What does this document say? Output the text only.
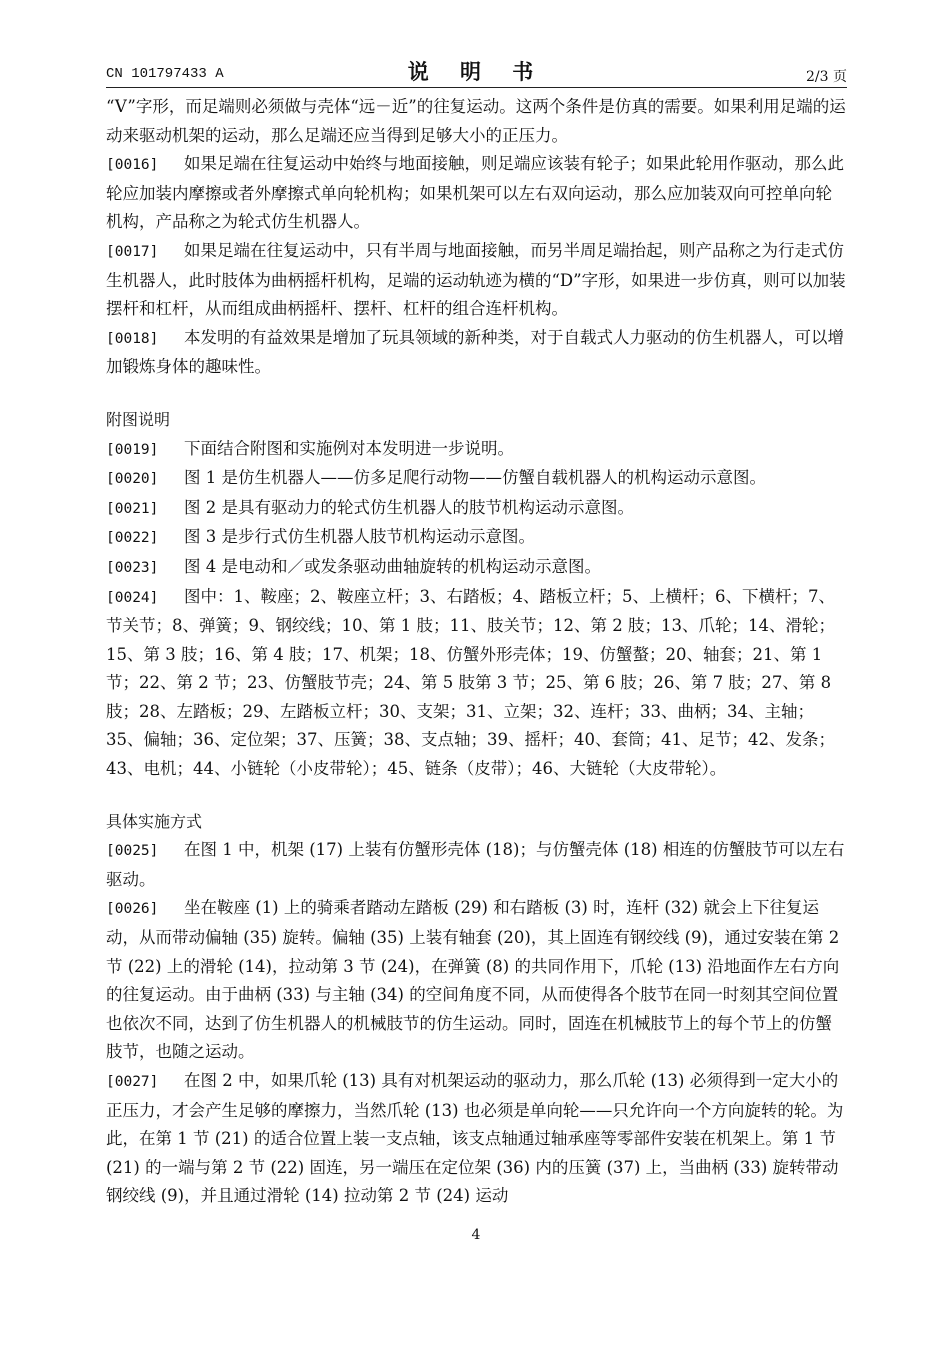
CN 101797433 A	说 明 书	2/3 页

“V”字形，而足端则必须做与壳体“远－近”的往复运动。这两个条件是仿真的需要。如果利用足端的运动来驱动机架的运动，那么足端还应当得到足够大小的正压力。

[0016] 如果足端在往复运动中始终与地面接触，则足端应该装有轮子；如果此轮用作驱动，那么此轮应加装内摩擦或者外摩擦式单向轮机构；如果机架可以左右双向运动，那么应加装双向可控单向轮机构，产品称之为轮式仿生机器人。

[0017] 如果足端在往复运动中，只有半周与地面接触，而另半周足端抬起，则产品称之为行走式仿生机器人，此时肢体为曲柄摇杆机构，足端的运动轨迹为横的“D”字形，如果进一步仿真，则可以加装摆杆和杠杆，从而组成曲柄摇杆、摆杆、杠杆的组合连杆机构。

[0018] 本发明的有益效果是增加了玩具领域的新种类，对于自载式人力驱动的仿生机器人，可以增加锻炼身体的趣味性。

附图说明

[0019] 下面结合附图和实施例对本发明进一步说明。

[0020] 图 1 是仿生机器人——仿多足爬行动物——仿蟹自载机器人的机构运动示意图。

[0021] 图 2 是具有驱动力的轮式仿生机器人的肢节机构运动示意图。

[0022] 图 3 是步行式仿生机器人肢节机构运动示意图。

[0023] 图 4 是电动和／或发条驱动曲轴旋转的机构运动示意图。

[0024] 图中：1、鞍座；2、鞍座立杆；3、右踏板；4、踏板立杆；5、上横杆；6、下横杆；7、节关节；8、弹簧；9、钢绞线；10、第 1 肢；11、肢关节；12、第 2 肢；13、爪轮；14、滑轮；15、第 3 肢；16、第 4 肢；17、机架；18、仿蟹外形壳体；19、仿蟹螯；20、轴套；21、第 1 节；22、第 2 节；23、仿蟹肢节壳；24、第 5 肢第 3 节；25、第 6 肢；26、第 7 肢；27、第 8 肢；28、左踏板；29、左踏板立杆；30、支架；31、立架；32、连杆；33、曲柄；34、主轴；35、偏轴；36、定位架；37、压簧；38、支点轴；39、摇杆；40、套筒；41、足节；42、发条；43、电机；44、小链轮（小皮带轮）；45、链条（皮带）；46、大链轮（大皮带轮）。

具体实施方式

[0025] 在图 1 中，机架 (17) 上装有仿蟹形壳体 (18)；与仿蟹壳体 (18) 相连的仿蟹肢节可以左右驱动。

[0026] 坐在鞍座 (1) 上的骑乘者踏动左踏板 (29) 和右踏板 (3) 时，连杆 (32) 就会上下往复运动，从而带动偏轴 (35) 旋转。偏轴 (35) 上装有轴套 (20)，其上固连有钢绞线 (9)，通过安装在第 2 节 (22) 上的滑轮 (14)，拉动第 3 节 (24)，在弹簧 (8) 的共同作用下，爪轮 (13) 沿地面作左右方向的往复运动。由于曲柄 (33) 与主轴 (34) 的空间角度不同，从而使得各个肢节在同一时刻其空间位置也依次不同，达到了仿生机器人的机械肢节的仿生运动。同时，固连在机械肢节上的每个节上的仿蟹肢节，也随之运动。

[0027] 在图 2 中，如果爪轮 (13) 具有对机架运动的驱动力，那么爪轮 (13) 必须得到一定大小的正压力，才会产生足够的摩擦力，当然爪轮 (13) 也必须是单向轮——只允许向一个方向旋转的轮。为此，在第 1 节 (21) 的适合位置上装一支点轴，该支点轴通过轴承座等零部件安装在机架上。第 1 节 (21) 的一端与第 2 节 (22) 固连，另一端压在定位架 (36) 内的压簧 (37) 上，当曲柄 (33) 旋转带动钢绞线 (9)，并且通过滑轮 (14) 拉动第 2 节 (24) 运动

4
